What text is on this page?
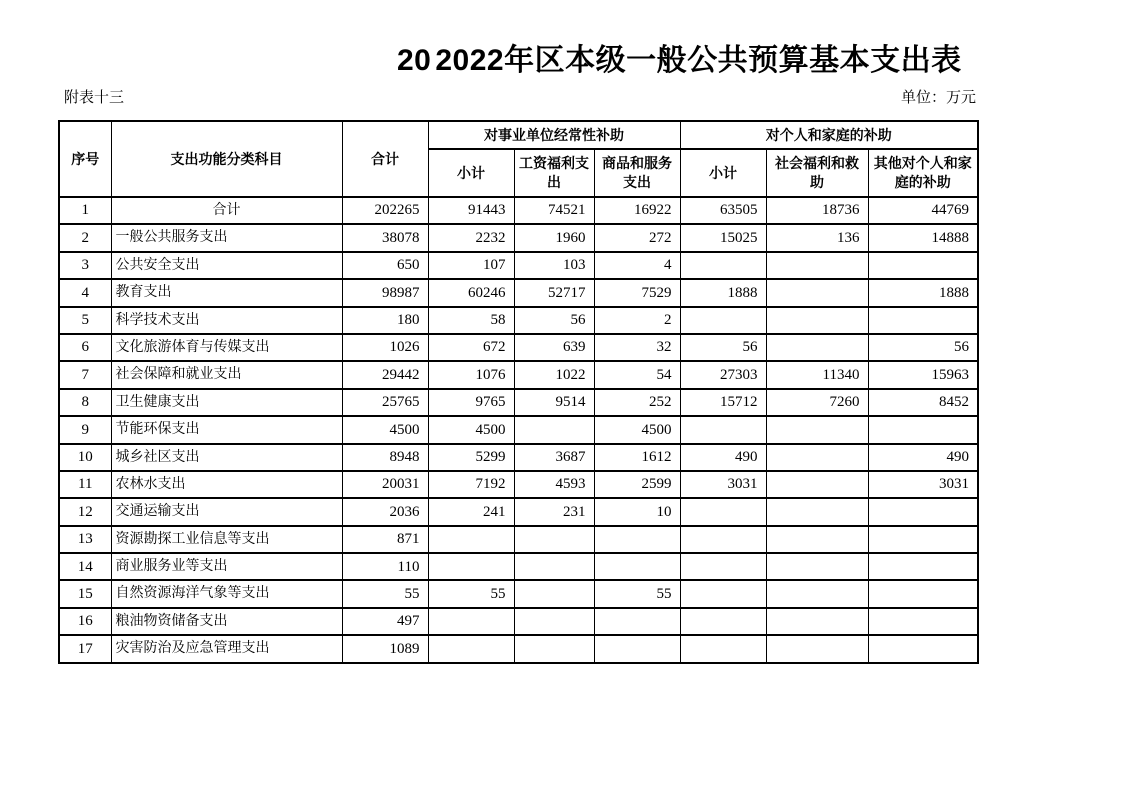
20 2022年区本级一般公共预算基本支出表
附表十三	单位：万元
序号	支出功能分类科目	合计	对事业单位经常性补助			对个人和家庭的补助		
			小计	工资福利支出	商品和服务支出	小计	社会福利和救助	其他对个人和家庭的补助
1	合计	202265	91443	74521	16922	63505	18736	44769
2	一般公共服务支出	38078	2232	1960	272	15025	136	14888
3	公共安全支出	650	107	103	4			
4	教育支出	98987	60246	52717	7529	1888		1888
5	科学技术支出	180	58	56	2			
6	文化旅游体育与传媒支出	1026	672	639	32	56		56
7	社会保障和就业支出	29442	1076	1022	54	27303	11340	15963
8	卫生健康支出	25765	9765	9514	252	15712	7260	8452
9	节能环保支出	4500	4500		4500			
10	城乡社区支出	8948	5299	3687	1612	490		490
11	农林水支出	20031	7192	4593	2599	3031		3031
12	交通运输支出	2036	241	231	10			
13	资源勘探工业信息等支出	871						
14	商业服务业等支出	110						
15	自然资源海洋气象等支出	55	55		55			
16	粮油物资储备支出	497						
17	灾害防治及应急管理支出	1089						
